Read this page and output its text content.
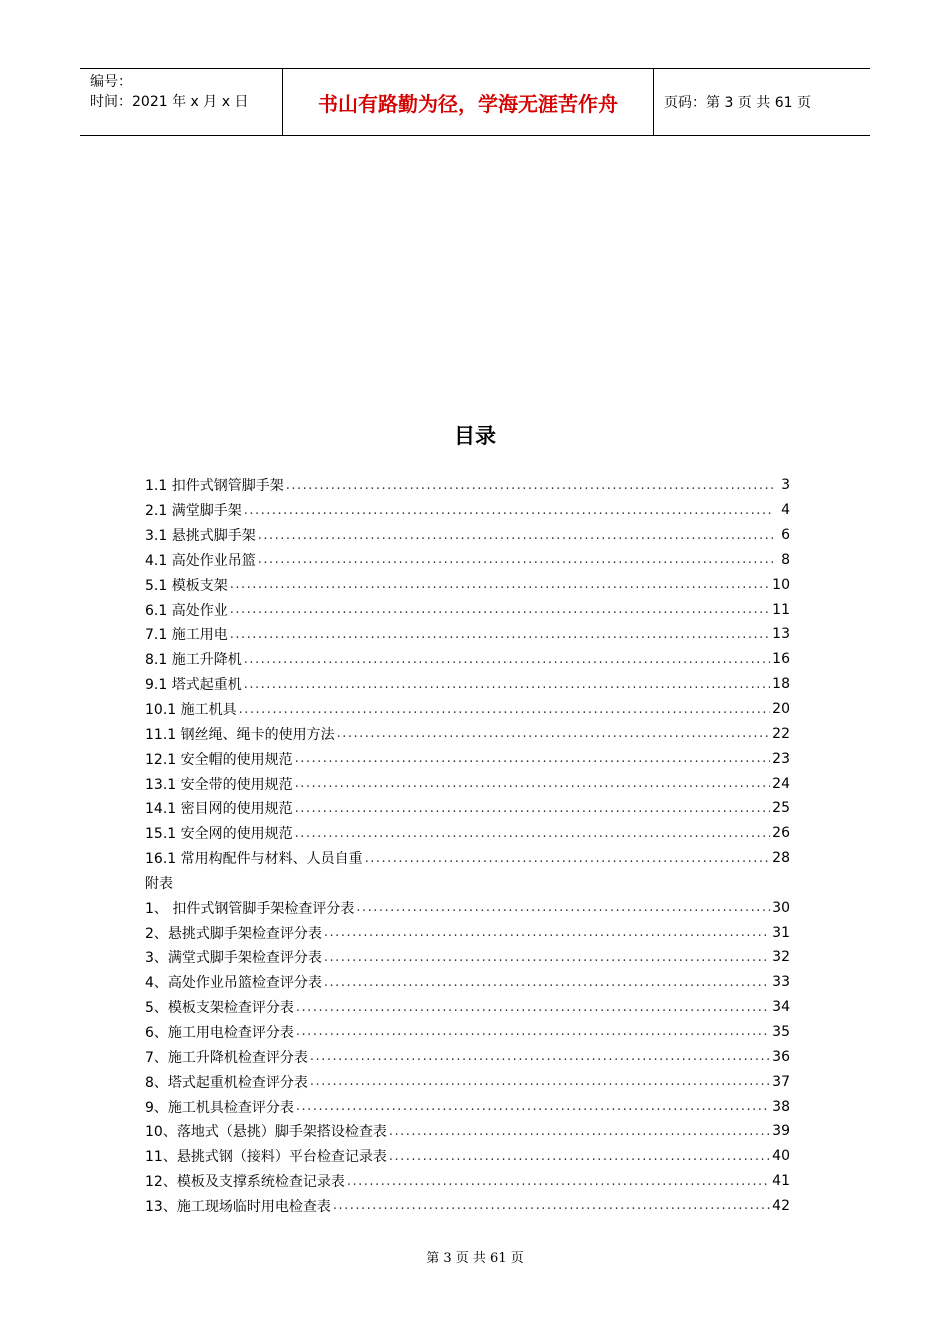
编号：
时间：2021 年 x 月 x 日	书山有路勤为径，学海无涯苦作舟	页码：第 3 页 共 61 页
目录
1.1 扣件式钢管脚手架 .....	3
2.1 满堂脚手架 .....	4
3.1 悬挑式脚手架 .....	6
4.1 高处作业吊篮 .....	8
5.1 模板支架 .....	10
6.1 高处作业 .....	11
7.1 施工用电 .....	13
8.1 施工升降机 .....	16
9.1 塔式起重机 .....	18
10.1 施工机具 .....	20
11.1 钢丝绳、绳卡的使用方法 .....	22
12.1 安全帽的使用规范 .....	23
13.1 安全带的使用规范 .....	24
14.1 密目网的使用规范 .....	25
15.1 安全网的使用规范 .....	26
16.1 常用构配件与材料、人员自重 .....	28
附表
1、 扣件式钢管脚手架检查评分表 .....	30
2、悬挑式脚手架检查评分表 .....	31
3、满堂式脚手架检查评分表 .....	32
4、高处作业吊篮检查评分表 .....	33
5、模板支架检查评分表 .....	34
6、施工用电检查评分表 .....	35
7、施工升降机检查评分表 .....	36
8、塔式起重机检查评分表 .....	37
9、施工机具检查评分表 .....	38
10、落地式（悬挑）脚手架搭设检查表 .....	39
11、悬挑式钢（接料）平台检查记录表 .....	40
12、模板及支撑系统检查记录表 .....	41
13、施工现场临时用电检查表 .....	42
第 3 页 共 61 页
